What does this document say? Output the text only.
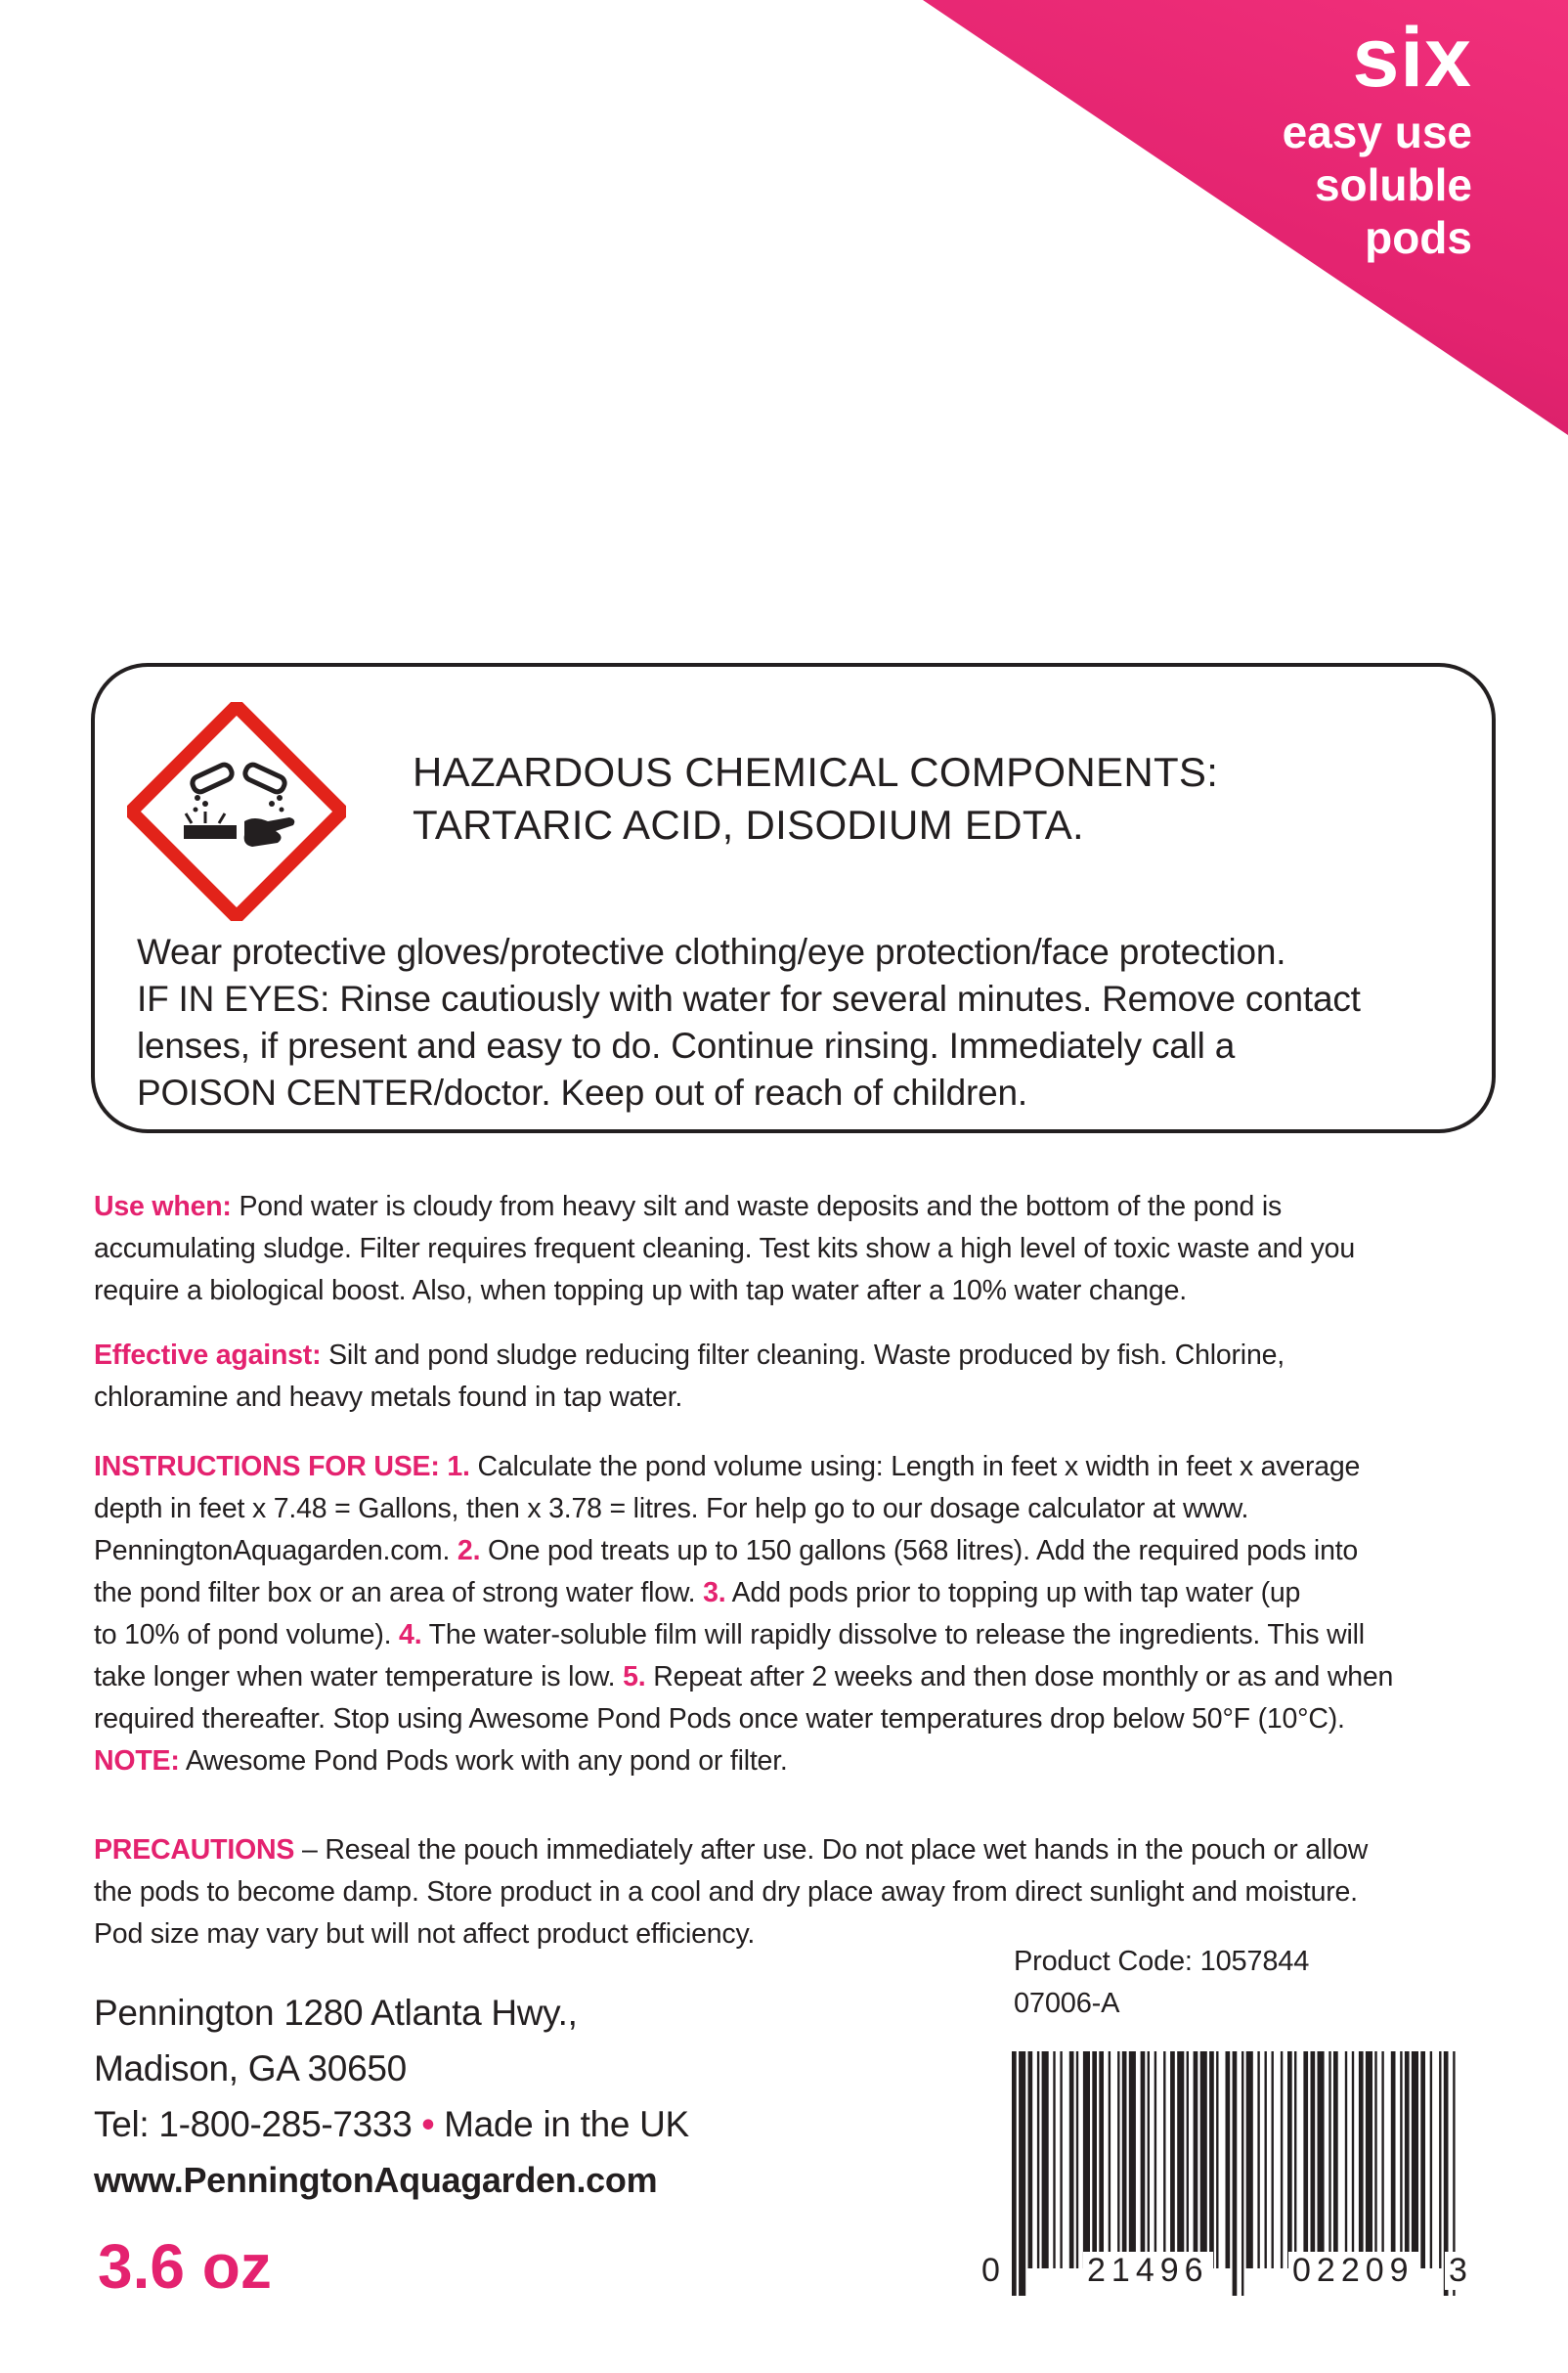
six
easy use
soluble
pods
HAZARDOUS CHEMICAL COMPONENTS:
TARTARIC ACID, DISODIUM EDTA.

Wear protective gloves/protective clothing/eye protection/face protection.

IF IN EYES: Rinse cautiously with water for several minutes. Remove contact

lenses, if present and easy to do. Continue rinsing. Immediately call a

POISON CENTER/doctor. Keep out of reach of children.

Use when: Pond water is cloudy from heavy silt and waste deposits and the bottom of the pond is

accumulating sludge. Filter requires frequent cleaning. Test kits show a high level of toxic waste and you

require a biological boost. Also, when topping up with tap water after a 10% water change.

Effective against: Silt and pond sludge reducing filter cleaning. Waste produced by fish. Chlorine,

chloramine and heavy metals found in tap water.

INSTRUCTIONS FOR USE: 1. Calculate the pond volume using: Length in feet x width in feet x average

depth in feet x 7.48 = Gallons, then x 3.78 = litres. For help go to our dosage calculator at www.

PenningtonAquagarden.com. 2. One pod treats up to 150 gallons (568 litres). Add the required pods into

the pond filter box or an area of strong water flow. 3. Add pods prior to topping up with tap water (up

to 10% of pond volume). 4. The water-soluble film will rapidly dissolve to release the ingredients. This will

take longer when water temperature is low. 5. Repeat after 2 weeks and then dose monthly or as and when

required thereafter. Stop using Awesome Pond Pods once water temperatures drop below 50°F (10°C).

NOTE: Awesome Pond Pods work with any pond or filter.

PRECAUTIONS – Reseal the pouch immediately after use. Do not place wet hands in the pouch or allow

the pods to become damp. Store product in a cool and dry place away from direct sunlight and moisture.

Pod size may vary but will not affect product efficiency.

Pennington 1280 Atlanta Hwy.,
Madison, GA 30650
Tel: 1-800-285-7333 • Made in the UK
www.PenningtonAquagarden.com
3.6 oz
Product Code: 1057844
07006-A
0	21496	02209 3
